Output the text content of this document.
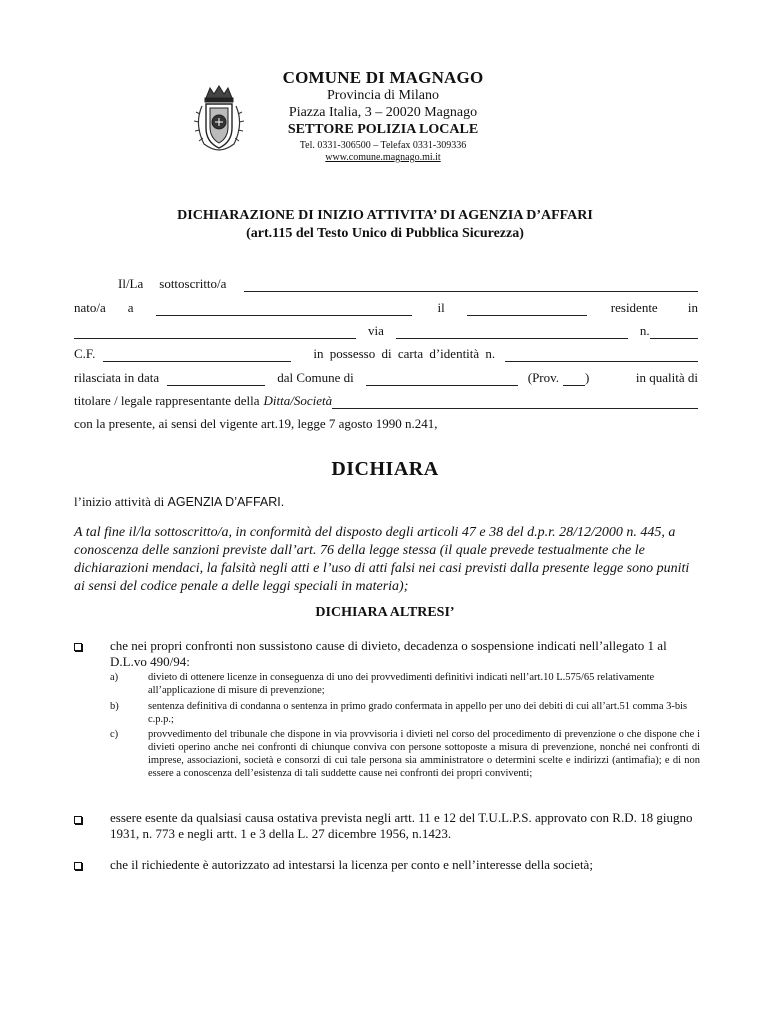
COMUNE DI MAGNAGO
Provincia di Milano
Piazza Italia, 3 – 20020 Magnago
SETTORE POLIZIA LOCALE
Tel. 0331-306500 – Telefax 0331-309336
www.comune.magnago.mi.it
DICHIARAZIONE DI INIZIO ATTIVITA’ DI AGENZIA D’AFFARI
(art.115 del Testo Unico di Pubblica Sicurezza)
Il/La sottoscritto/a
nato/a a	il	residente in
via	n.
C.F.	in possesso di carta d’identità n.
rilasciata in data	dal Comune di	(Prov. )	in qualità di
titolare / legale rappresentante della Ditta/Società
con la presente, ai sensi del vigente art.19, legge 7 agosto 1990 n.241,
DICHIARA
l’inizio attività di AGENZIA D’AFFARI.
A tal fine il/la sottoscritto/a, in conformità del disposto degli articoli 47 e 38 del d.p.r. 28/12/2000 n. 445, a conoscenza delle sanzioni previste dall’art. 76 della legge stessa (il quale prevede testualmente che le dichiarazioni mendaci, la falsità negli atti e l’uso di atti falsi nei casi previsti dalla presente legge sono puniti ai sensi del codice penale a delle leggi speciali in materia);
DICHIARA ALTRESI’
che nei propri confronti non sussistono cause di divieto, decadenza o sospensione indicati nell’allegato 1 al D.L.vo 490/94:
a)	divieto di ottenere licenze in conseguenza di uno dei provvedimenti definitivi indicati nell’art.10 L.575/65 relativamente all’applicazione di misure di prevenzione;
b)	sentenza definitiva di condanna o sentenza in primo grado confermata in appello per uno dei debiti di cui all’art.51 comma 3-bis c.p.p.;
c)	provvedimento del tribunale che dispone in via provvisoria i divieti nel corso del procedimento di prevenzione o che dispone che i divieti operino anche nei confronti di chiunque conviva con persone sottoposte a misura di prevenzione, nonché nei confronti di imprese, associazioni, società e consorzi di cui tale persona sia amministratore o determini scelte e indirizzi (antimafia); e di non essere a conoscenza dell’esistenza di tali suddette cause nei confronti dei propri conviventi;
essere esente da qualsiasi causa ostativa prevista negli artt. 11 e 12 del T.U.L.P.S. approvato con R.D. 18 giugno 1931, n. 773 e negli artt. 1 e 3 della L. 27 dicembre 1956, n.1423.
che il richiedente è autorizzato ad intestarsi la licenza per conto e nell’interesse della società;
